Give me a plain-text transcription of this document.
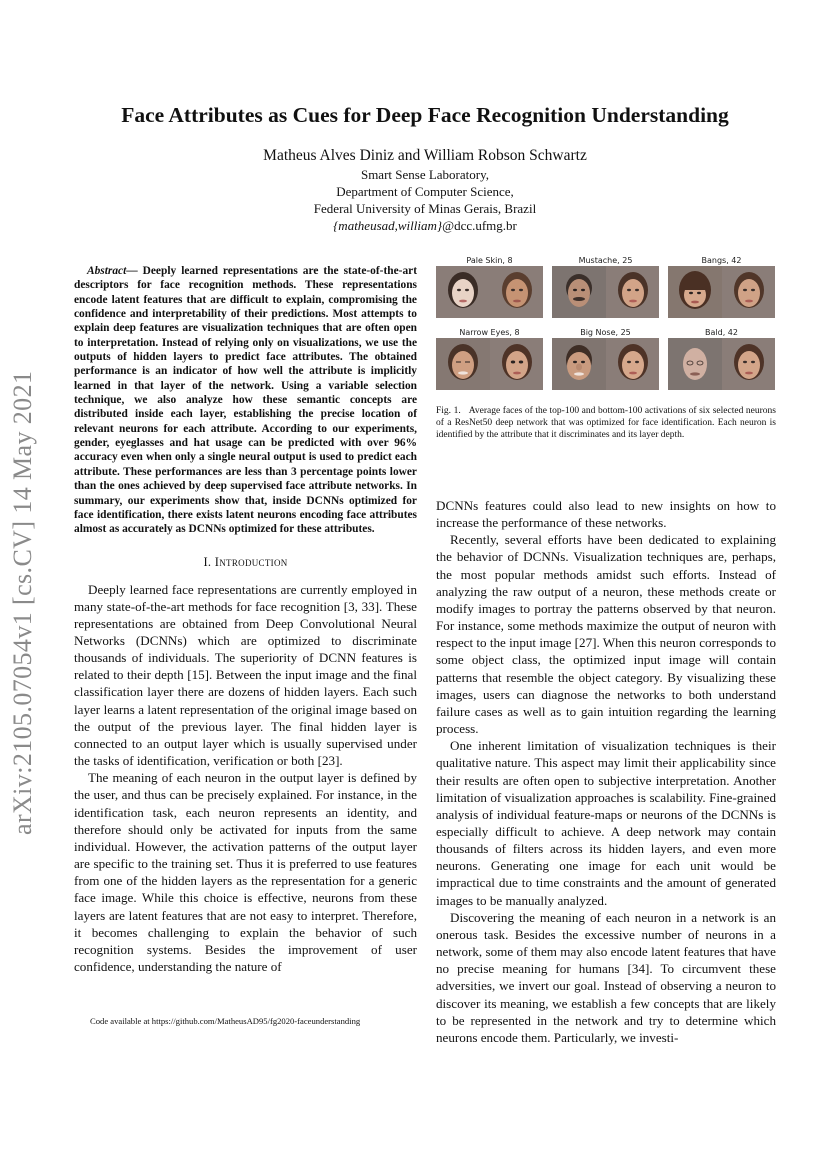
arXiv:2105.07054v1 [cs.CV] 14 May 2021
Face Attributes as Cues for Deep Face Recognition Understanding
Matheus Alves Diniz and William Robson Schwartz
Smart Sense Laboratory,
Department of Computer Science,
Federal University of Minas Gerais, Brazil
{matheusad,william}@dcc.ufmg.br

Abstract— Deeply learned representations are the state-of-the-art descriptors for face recognition methods. These representations encode latent features that are difficult to explain, compromising the confidence and interpretability of their predictions. Most attempts to explain deep features are visualization techniques that are often open to interpretation. Instead of relying only on visualizations, we use the outputs of hidden layers to predict face attributes. The obtained performance is an indicator of how well the attribute is implicitly learned in that layer of the network. Using a variable selection technique, we also analyze how these semantic concepts are distributed inside each layer, establishing the precise location of relevant neurons for each attribute. According to our experiments, gender, eyeglasses and hat usage can be predicted with over 96% accuracy even when only a single neural output is used to predict each attribute. These performances are less than 3 percentage points lower than the ones achieved by deep supervised face attribute networks. In summary, our experiments show that, inside DCNNs optimized for face identification, there exists latent neurons encoding face attributes almost as accurately as DCNNs optimized for these attributes.

I. Introduction

Deeply learned face representations are currently employed in many state-of-the-art methods for face recognition [3, 33]. These representations are obtained from Deep Convolutional Neural Networks (DCNNs) which are optimized to discriminate thousands of individuals. The superiority of DCNN features is related to their depth [15]. Between the input image and the final classification layer there are dozens of hidden layers. Each such layer learns a latent representation of the original image based on the output of the previous layer. The final hidden layer is connected to an output layer which is usually supervised under the tasks of identification, verification or both [23].

The meaning of each neuron in the output layer is defined by the user, and thus can be precisely explained. For instance, in the identification task, each neuron represents an identity, and therefore should only be activated for inputs from the same individual. However, the activation patterns of the output layer are specific to the training set. Thus it is preferred to use features from one of the hidden layers as the representation for a generic face image. While this choice is effective, neurons from these layers are latent features that are not easy to interpret. Therefore, it becomes challenging to explain the behavior of such recognition systems. Besides the improvement of user confidence, understanding the nature of

Code available at https://github.com/MatheusAD95/fg2020-faceunderstanding
Pale Skin, 8	Mustache, 25	Bangs, 42
Narrow Eyes, 8	Big Nose, 25	Bald, 42
Fig. 1. Average faces of the top-100 and bottom-100 activations of six selected neurons of a ResNet50 deep network that was optimized for face identification. Each neuron is identified by the attribute that it discriminates and its layer depth.

DCNNs features could also lead to new insights on how to increase the performance of these networks.

Recently, several efforts have been dedicated to explaining the behavior of DCNNs. Visualization techniques are, perhaps, the most popular methods amidst such efforts. Instead of analyzing the raw output of a neuron, these methods create or modify images to portray the patterns observed by that neuron. For instance, some methods maximize the output of neuron with respect to the input image [27]. When this neuron corresponds to some object class, the optimized input image will contain patterns that resemble the object category. By visualizing these images, users can diagnose the networks to both understand failure cases as well as to gain intuition regarding the learning process.

One inherent limitation of visualization techniques is their qualitative nature. This aspect may limit their applicability since their results are often open to subjective interpretation. Another limitation of visualization approaches is scalability. Fine-grained analysis of individual feature-maps or neurons of the DCNNs is especially difficult to achieve. A deep network may contain thousands of filters across its hidden layers, and even more neurons. Generating one image for each unit would be impractical due to time constraints and the amount of generated images to be manually analyzed.

Discovering the meaning of each neuron in a network is an onerous task. Besides the excessive number of neurons in a network, some of them may also encode latent features that have no precise meaning for humans [34]. To circumvent these adversities, we invert our goal. Instead of observing a neuron to discover its meaning, we establish a few concepts that are likely to be represented in the network and try to determine which neurons encode them. Particularly, we investi-
